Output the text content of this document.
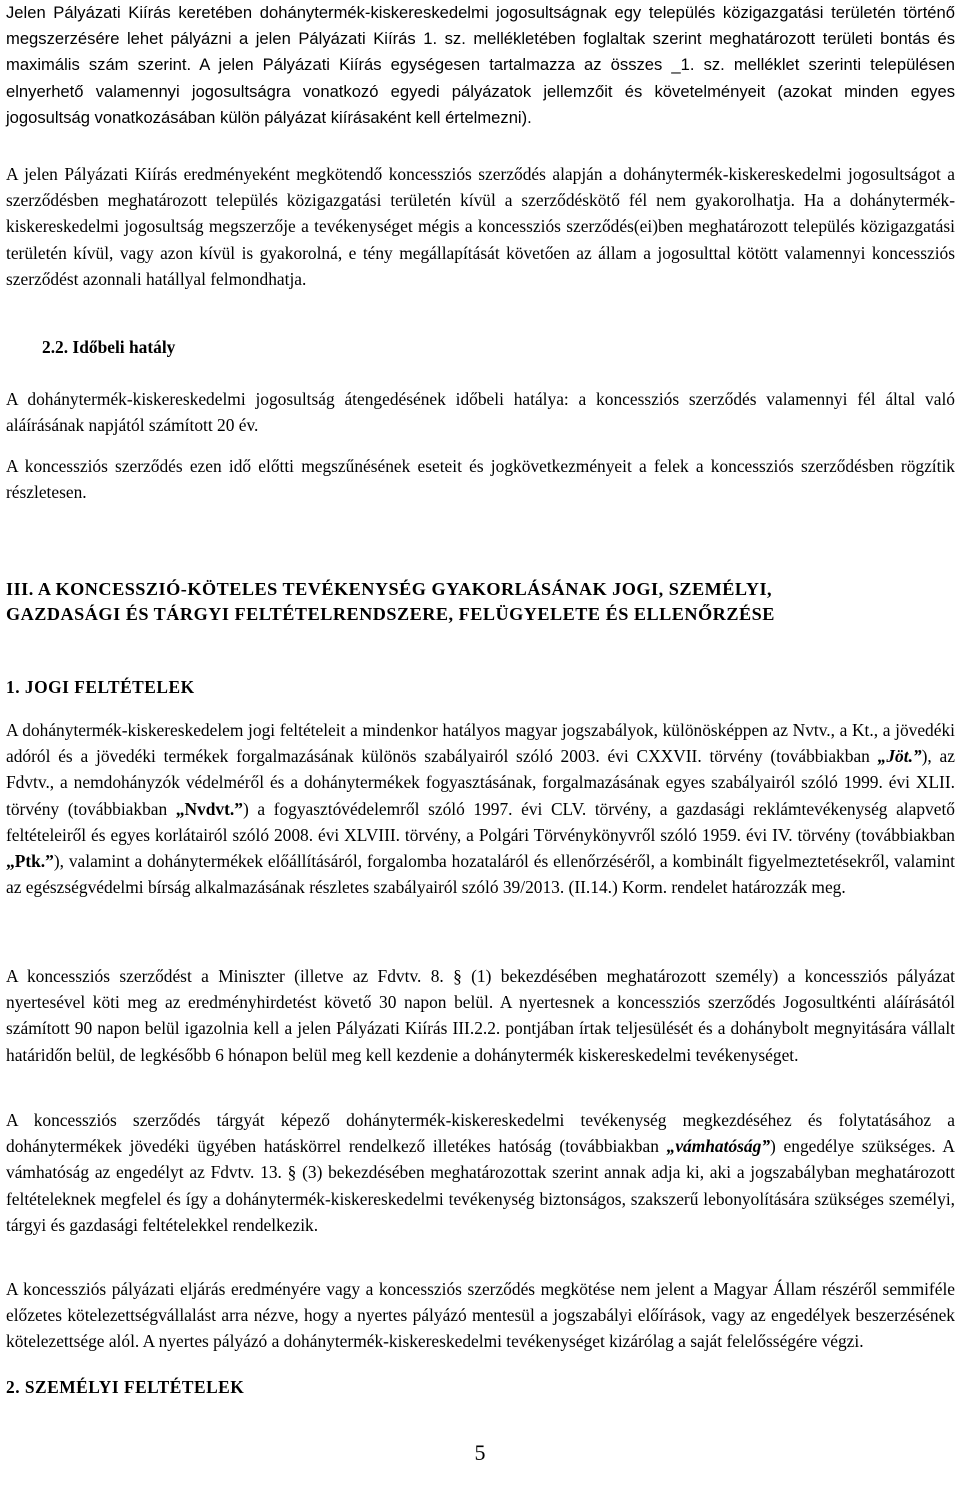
Jelen Pályázati Kiírás keretében dohánytermék-kiskereskedelmi jogosultságnak egy település közigazgatási területén történő megszerzésére lehet pályázni a jelen Pályázati Kiírás 1. sz. mellékletében foglaltak szerint meghatározott területi bontás és maximális szám szerint. A jelen Pályázati Kiírás egységesen tartalmazza az összes _1. sz. melléklet szerinti településen elnyerhető valamennyi jogosultságra vonatkozó egyedi pályázatok jellemzőit és követelményeit (azokat minden egyes jogosultság vonatkozásában külön pályázat kiírásaként kell értelmezni).

A jelen Pályázati Kiírás eredményeként megkötendő koncessziós szerződés alapján a dohánytermék-kiskereskedelmi jogosultságot a szerződésben meghatározott település közigazgatási területén kívül a szerződéskötő fél nem gyakorolhatja. Ha a dohánytermék-kiskereskedelmi jogosultság megszerzője a tevékenységet mégis a koncessziós szerződés(ei)ben meghatározott település közigazgatási területén kívül, vagy azon kívül is gyakorolná, e tény megállapítását követően az állam a jogosulttal kötött valamennyi koncessziós szerződést azonnali hatállyal felmondhatja.

2.2. Időbeli hatály

A dohánytermék-kiskereskedelmi jogosultság átengedésének időbeli hatálya: a koncessziós szerződés valamennyi fél által való aláírásának napjától számított 20 év.

A koncessziós szerződés ezen idő előtti megszűnésének eseteit és jogkövetkezményeit a felek a koncessziós szerződésben rögzítik részletesen.

III. A KONCESSZIÓ-KÖTELES TEVÉKENYSÉG GYAKORLÁSÁNAK JOGI, SZEMÉLYI,
GAZDASÁGI ÉS TÁRGYI FELTÉTELRENDSZERE, FELÜGYELETE ÉS ELLENŐRZÉSE
1. JOGI FELTÉTELEK

A dohánytermék-kiskereskedelem jogi feltételeit a mindenkor hatályos magyar jogszabályok, különösképpen az Nvtv., a Kt., a jövedéki adóról és a jövedéki termékek forgalmazásának különös szabályairól szóló 2003. évi CXXVII. törvény (továbbiakban „Jöt.”), az Fdvtv., a nemdohányzók védelméről és a dohánytermékek fogyasztásának, forgalmazásának egyes szabályairól szóló 1999. évi XLII. törvény (továbbiakban „Nvdvt.”) a fogyasztóvédelemről szóló 1997. évi CLV. törvény, a gazdasági reklámtevékenység alapvető feltételeiről és egyes korlátairól szóló 2008. évi XLVIII. törvény, a Polgári Törvénykönyvről szóló 1959. évi IV. törvény (továbbiakban „Ptk.”), valamint a dohánytermékek előállításáról, forgalomba hozataláról és ellenőrzéséről, a kombinált figyelmeztetésekről, valamint az egészségvédelmi bírság alkalmazásának részletes szabályairól szóló 39/2013. (II.14.) Korm. rendelet határozzák meg.

A koncessziós szerződést a Miniszter (illetve az Fdvtv. 8. § (1) bekezdésében meghatározott személy) a koncessziós pályázat nyertesével köti meg az eredményhirdetést követő 30 napon belül. A nyertesnek a koncessziós szerződés Jogosultkénti aláírásától számított 90 napon belül igazolnia kell a jelen Pályázati Kiírás III.2.2. pontjában írtak teljesülését és a dohánybolt megnyitására vállalt határidőn belül, de legkésőbb 6 hónapon belül meg kell kezdenie a dohánytermék kiskereskedelmi tevékenységet.

A koncessziós szerződés tárgyát képező dohánytermék-kiskereskedelmi tevékenység megkezdéséhez és folytatásához a dohánytermékek jövedéki ügyében hatáskörrel rendelkező illetékes hatóság (továbbiakban „vámhatóság”) engedélye szükséges. A vámhatóság az engedélyt az Fdvtv. 13. § (3) bekezdésében meghatározottak szerint annak adja ki, aki a jogszabályban meghatározott feltételeknek megfelel és így a dohánytermék-kiskereskedelmi tevékenység biztonságos, szakszerű lebonyolítására szükséges személyi, tárgyi és gazdasági feltételekkel rendelkezik.

A koncessziós pályázati eljárás eredményére vagy a koncessziós szerződés megkötése nem jelent a Magyar Állam részéről semmiféle előzetes kötelezettségvállalást arra nézve, hogy a nyertes pályázó mentesül a jogszabályi előírások, vagy az engedélyek beszerzésének kötelezettsége alól. A nyertes pályázó a dohánytermék-kiskereskedelmi tevékenységet kizárólag a saját felelősségére végzi.

2. SZEMÉLYI FELTÉTELEK
5
